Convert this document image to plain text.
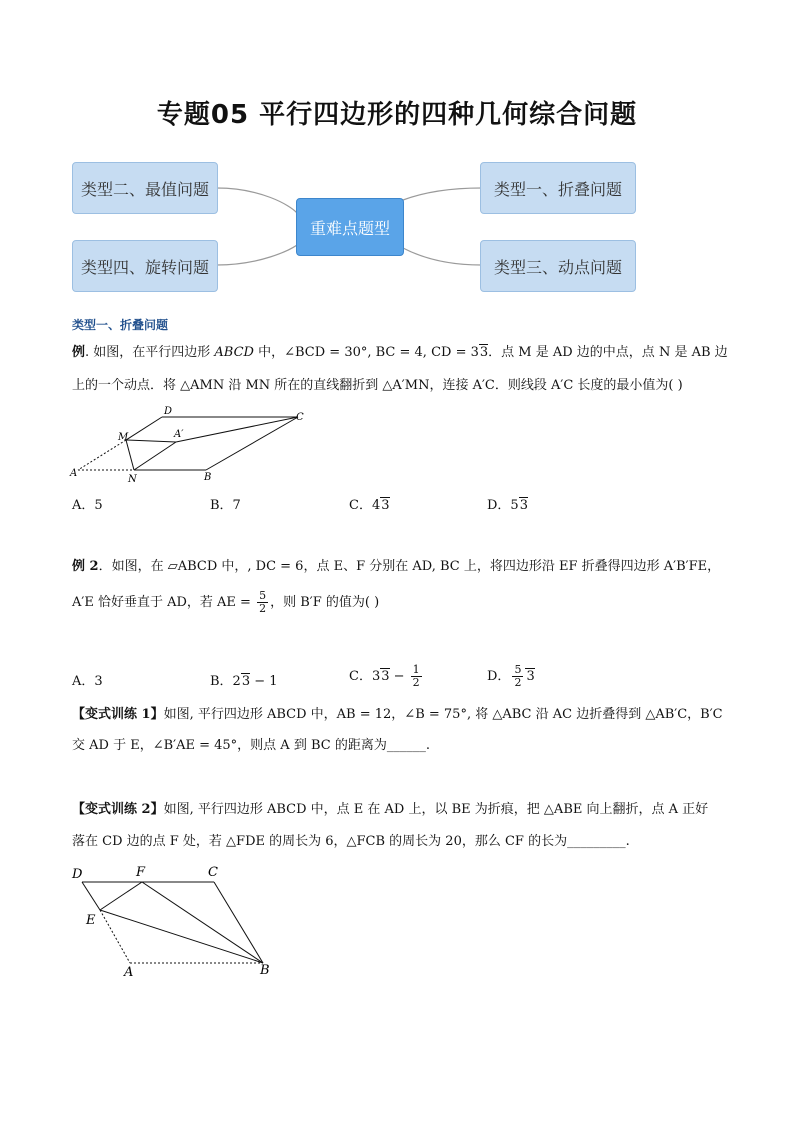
专题05 平行四边形的四种几何综合问题
类型二、最值问题
类型四、旋转问题
重难点题型
类型一、折叠问题
类型三、动点问题
类型一、折叠问题
例. 如图，在平行四边形 ABCD 中，∠BCD = 30°, BC = 4, CD = 33．点 M 是 AD 边的中点，点 N 是 AB 边
上的一个动点．将 △AMN 沿 MN 所在的直线翻折到 △A′MN，连接 A′C．则线段 A′C 长度的最小值为( )
D
C
M	A′
A
N	B
A．5	B．7	C．43	D．53
例 2．如图，在 ▱ABCD 中，, DC = 6，点 E、F 分别在 AD, BC 上，将四边形沿 EF 折叠得四边形 A′B′FE，
A′E 恰好垂直于 AD，若 AE = $\frac{5}{2}$ ，则 B′F 的值为( )
A．3	B．23 − 1	C．$33 - \frac{1}{2}$	D． $\frac{5}{2} 3$
【变式训练 1】如图, 平行四边形 ABCD 中，AB = 12，∠B = 75°, 将 △ABC 沿 AC 边折叠得到 △AB′C，B′C
交 AD 于 E，∠B′AE = 45°，则点 A 到 BC 的距离为______.
【变式训练 2】如图, 平行四边形 ABCD 中，点 E 在 AD 上，以 BE 为折痕，把 △ABE 向上翻折，点 A 正好
落在 CD 边的点 F 处，若 △FDE 的周长为 6，△FCB 的周长为 20，那么 CF 的长为_________.
D	F	C
E
A	B
